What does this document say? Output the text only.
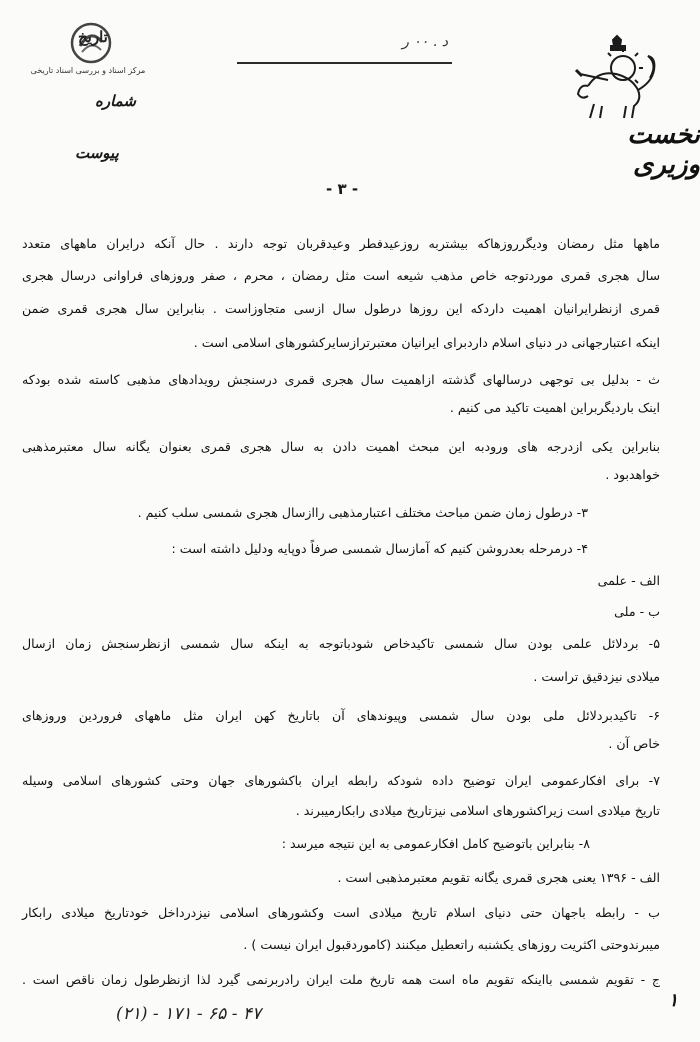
تاریخ
مرکز اسناد و بررسی اسناد تاریخی
شماره
پیوست
د . ٠٠ ر
نخست وزیری
- ۳ -
ماهها مثل رمضان ودیگرروزهاکه بیشتربه روزعیدفطر وعیدقربان توجه دارند . حال آنکه درایران ماههای متعدد
سال هجری قمری موردتوجه خاص مذهب شیعه است مثل رمضان ، محرم ، صفر وروزهای فراوانی درسال هجری
قمری ازنظرایرانیان اهمیت داردکه این روزها درطول سال ازسی متجاوزاست . بنابراین سال هجری قمری ضمن
اینکه اعتبارجهانی در دنیای اسلام داردبرای ایرانیان معتبرترازسایرکشورهای اسلامی است .
ث - بدلیل بی توجهی درسالهای گذشته ازاهمیت سال هجری قمری درسنجش رویدادهای مذهبی کاسته شده بودکه
اینک باردیگربراین اهمیت تاکید می کنیم .
بنابراین یکی ازدرجه های ورودبه این مبحث اهمیت دادن به سال هجری قمری بعنوان یگانه سال معتبرمذهبی
خواهدبود .
۳- درطول زمان ضمن مباحث مختلف اعتبارمذهبی راازسال هجری شمسی سلب کنیم .
۴- درمرحله بعدروشن کنیم که آمازسال شمسی صرفاً دوپایه ودلیل داشته است :
الف - علمی
ب - ملی
۵- بردلائل علمی بودن سال شمسی تاکیدخاص شودباتوجه به اینکه سال شمسی ازنظرسنجش زمان ازسال
میلادی نیزدقیق تراست .
۶- تاکیدبردلائل ملی بودن سال شمسی وپیوندهای آن باتاریخ کهن ایران مثل ماههای فروردین وروزهای
خاص آن .
۷- برای افکارعمومی ایران توضیح داده شودکه رابطه ایران باکشورهای جهان وحتی کشورهای اسلامی وسیله
تاریخ میلادی است زیراکشورهای اسلامی نیزتاریخ میلادی رابکارمیبرند .
۸- بنابراین باتوضیح کامل افکارعمومی به این نتیجه میرسد :
الف - ۱۳۹۶ یعنی هجری قمری یگانه تقویم معتبرمذهبی است .
ب - رابطه باجهان حتی دنیای اسلام تاریخ میلادی است وکشورهای اسلامی نیزدرداخل خودتاریخ میلادی رابکار
میبرندوحتی اکثریت روزهای یکشنبه راتعطیل میکنند (کاموردقبول ایران نیست ) .
ج - تقویم شمسی بااینکه تقویم ماه است همه تاریخ ملت ایران رادربرنمی گیرد لذا ازنظرطول زمان ناقص است .
(۲۱) - ۱۷۱ - ۶۵ - ۴۷
۱
